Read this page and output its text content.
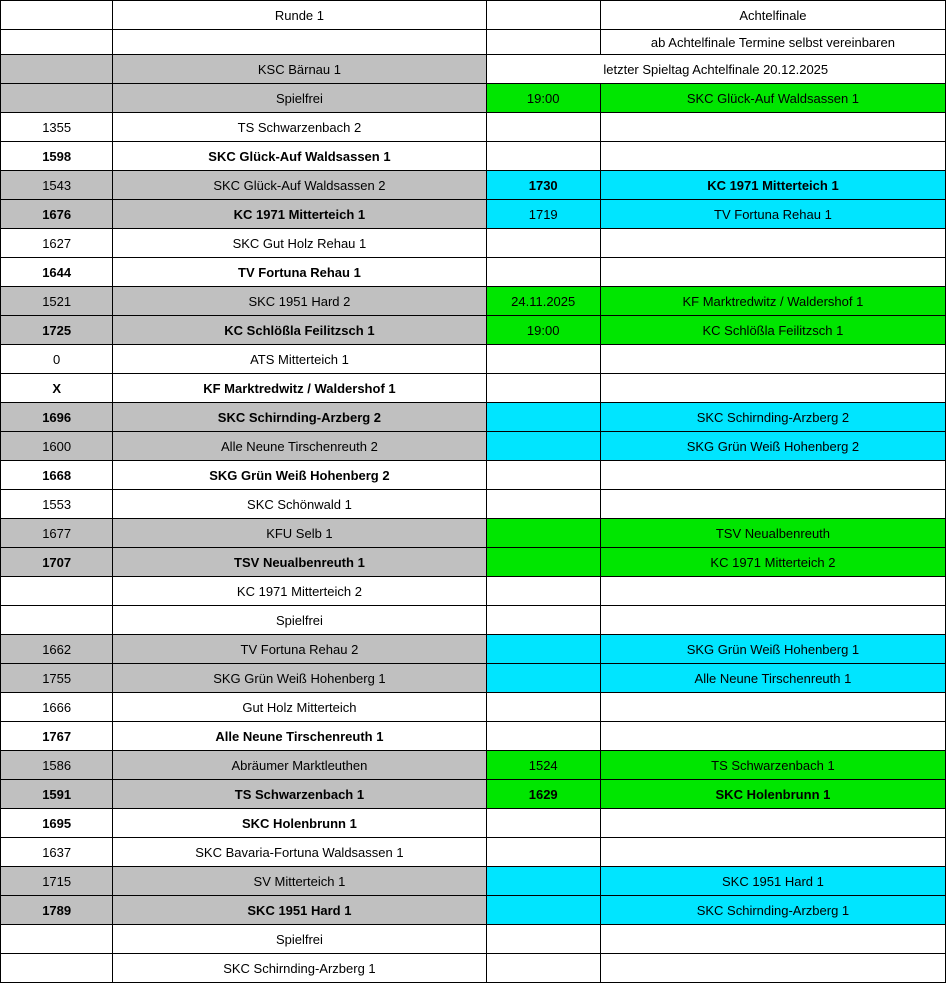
	Runde 1		Achtelfinale
			ab Achtelfinale Termine selbst vereinbaren
	KSC Bärnau 1	letzter Spieltag Achtelfinale 20.12.2025	
	Spielfrei	19:00	SKC Glück-Auf Waldsassen 1
1355	TS Schwarzenbach 2		
1598	SKC Glück-Auf Waldsassen 1		
1543	SKC Glück-Auf Waldsassen 2	1730	KC 1971 Mitterteich 1
1676	KC 1971 Mitterteich 1	1719	TV Fortuna Rehau 1
1627	SKC Gut Holz Rehau 1		
1644	TV Fortuna Rehau 1		
1521	SKC 1951 Hard 2	24.11.2025	KF Marktredwitz / Waldershof 1
1725	KC Schlößla Feilitzsch 1	19:00	KC Schlößla Feilitzsch 1
0	ATS Mitterteich 1		
X	KF Marktredwitz / Waldershof 1		
1696	SKC Schirnding-Arzberg 2		SKC Schirnding-Arzberg 2
1600	Alle Neune Tirschenreuth 2		SKG Grün Weiß Hohenberg 2
1668	SKG Grün Weiß Hohenberg 2		
1553	SKC Schönwald 1		
1677	KFU Selb 1		TSV Neualbenreuth
1707	TSV Neualbenreuth 1		KC 1971 Mitterteich 2
	KC 1971 Mitterteich 2		
	Spielfrei		
1662	TV Fortuna Rehau 2		SKG Grün Weiß Hohenberg 1
1755	SKG Grün Weiß Hohenberg 1		Alle Neune Tirschenreuth 1
1666	Gut Holz Mitterteich		
1767	Alle Neune Tirschenreuth 1		
1586	Abräumer Marktleuthen	1524	TS Schwarzenbach 1
1591	TS Schwarzenbach 1	1629	SKC Holenbrunn 1
1695	SKC Holenbrunn 1		
1637	SKC Bavaria-Fortuna Waldsassen 1		
1715	SV Mitterteich 1		SKC 1951 Hard 1
1789	SKC 1951 Hard 1		SKC Schirnding-Arzberg 1
	Spielfrei		
	SKC Schirnding-Arzberg 1		
